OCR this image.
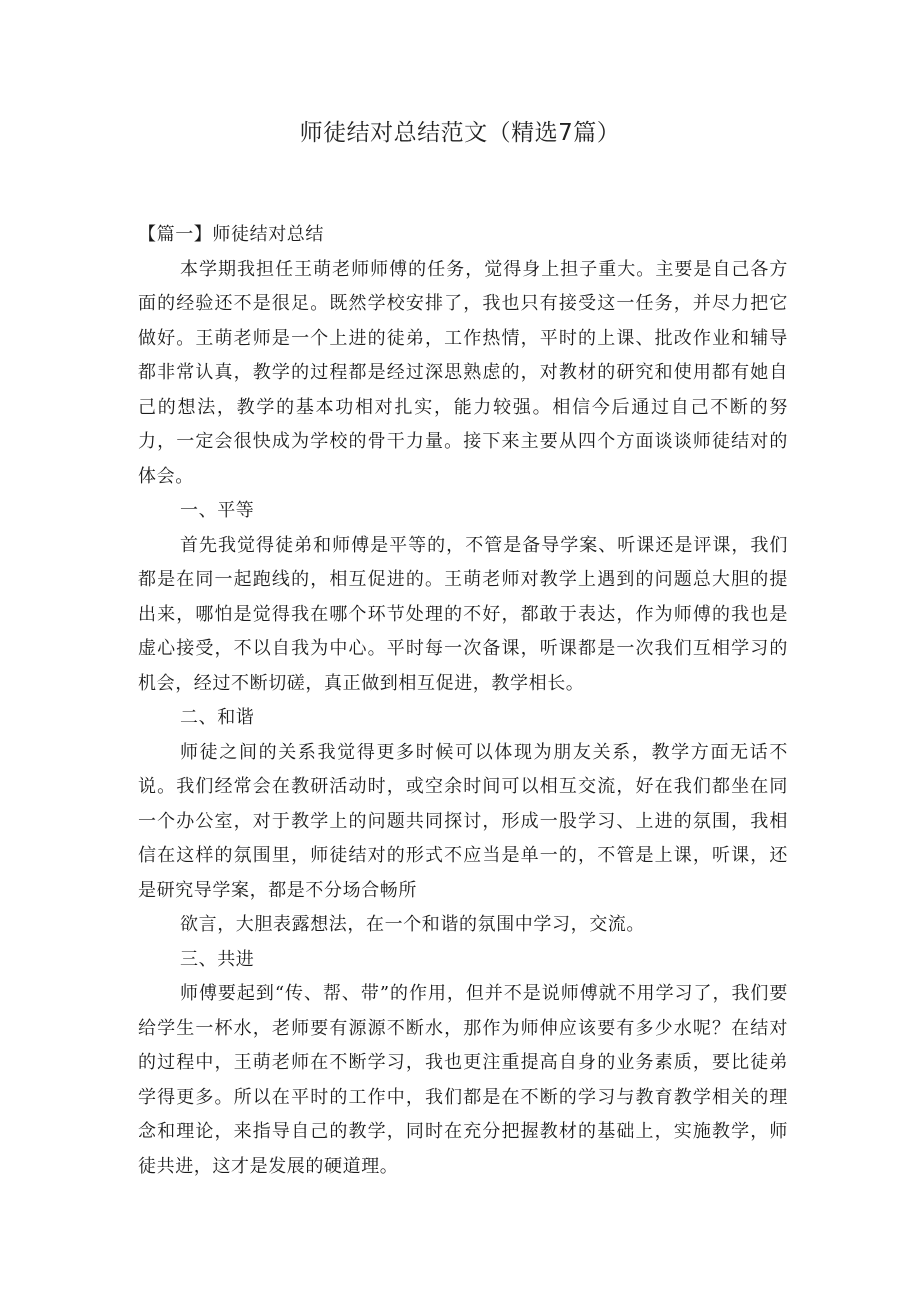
师徒结对总结范文（精选7篇）

【篇一】师徒结对总结

本学期我担任王萌老师师傅的任务，觉得身上担子重大。主要是自己各方面的经验还不是很足。既然学校安排了，我也只有接受这一任务，并尽力把它做好。王萌老师是一个上进的徒弟，工作热情，平时的上课、批改作业和辅导都非常认真，教学的过程都是经过深思熟虑的，对教材的研究和使用都有她自己的想法，教学的基本功相对扎实，能力较强。相信今后通过自己不断的努力，一定会很快成为学校的骨干力量。接下来主要从四个方面谈谈师徒结对的体会。

一、平等

首先我觉得徒弟和师傅是平等的，不管是备导学案、听课还是评课，我们都是在同一起跑线的，相互促进的。王萌老师对教学上遇到的问题总大胆的提出来，哪怕是觉得我在哪个环节处理的不好，都敢于表达，作为师傅的我也是虚心接受，不以自我为中心。平时每一次备课，听课都是一次我们互相学习的机会，经过不断切磋，真正做到相互促进，教学相长。

二、和谐

师徒之间的关系我觉得更多时候可以体现为朋友关系，教学方面无话不说。我们经常会在教研活动时，或空余时间可以相互交流，好在我们都坐在同一个办公室，对于教学上的问题共同探讨，形成一股学习、上进的氛围，我相信在这样的氛围里，师徒结对的形式不应当是单一的，不管是上课，听课，还是研究导学案，都是不分场合畅所

欲言，大胆表露想法，在一个和谐的氛围中学习，交流。

三、共进

师傅要起到“传、帮、带”的作用，但并不是说师傅就不用学习了，我们要给学生一杯水，老师要有源源不断水，那作为师伸应该要有多少水呢？在结对的过程中，王萌老师在不断学习，我也更注重提高自身的业务素质，要比徒弟学得更多。所以在平时的工作中，我们都是在不断的学习与教育教学相关的理念和理论，来指导自己的教学，同时在充分把握教材的基础上，实施教学，师徒共进，这才是发展的硬道理。
